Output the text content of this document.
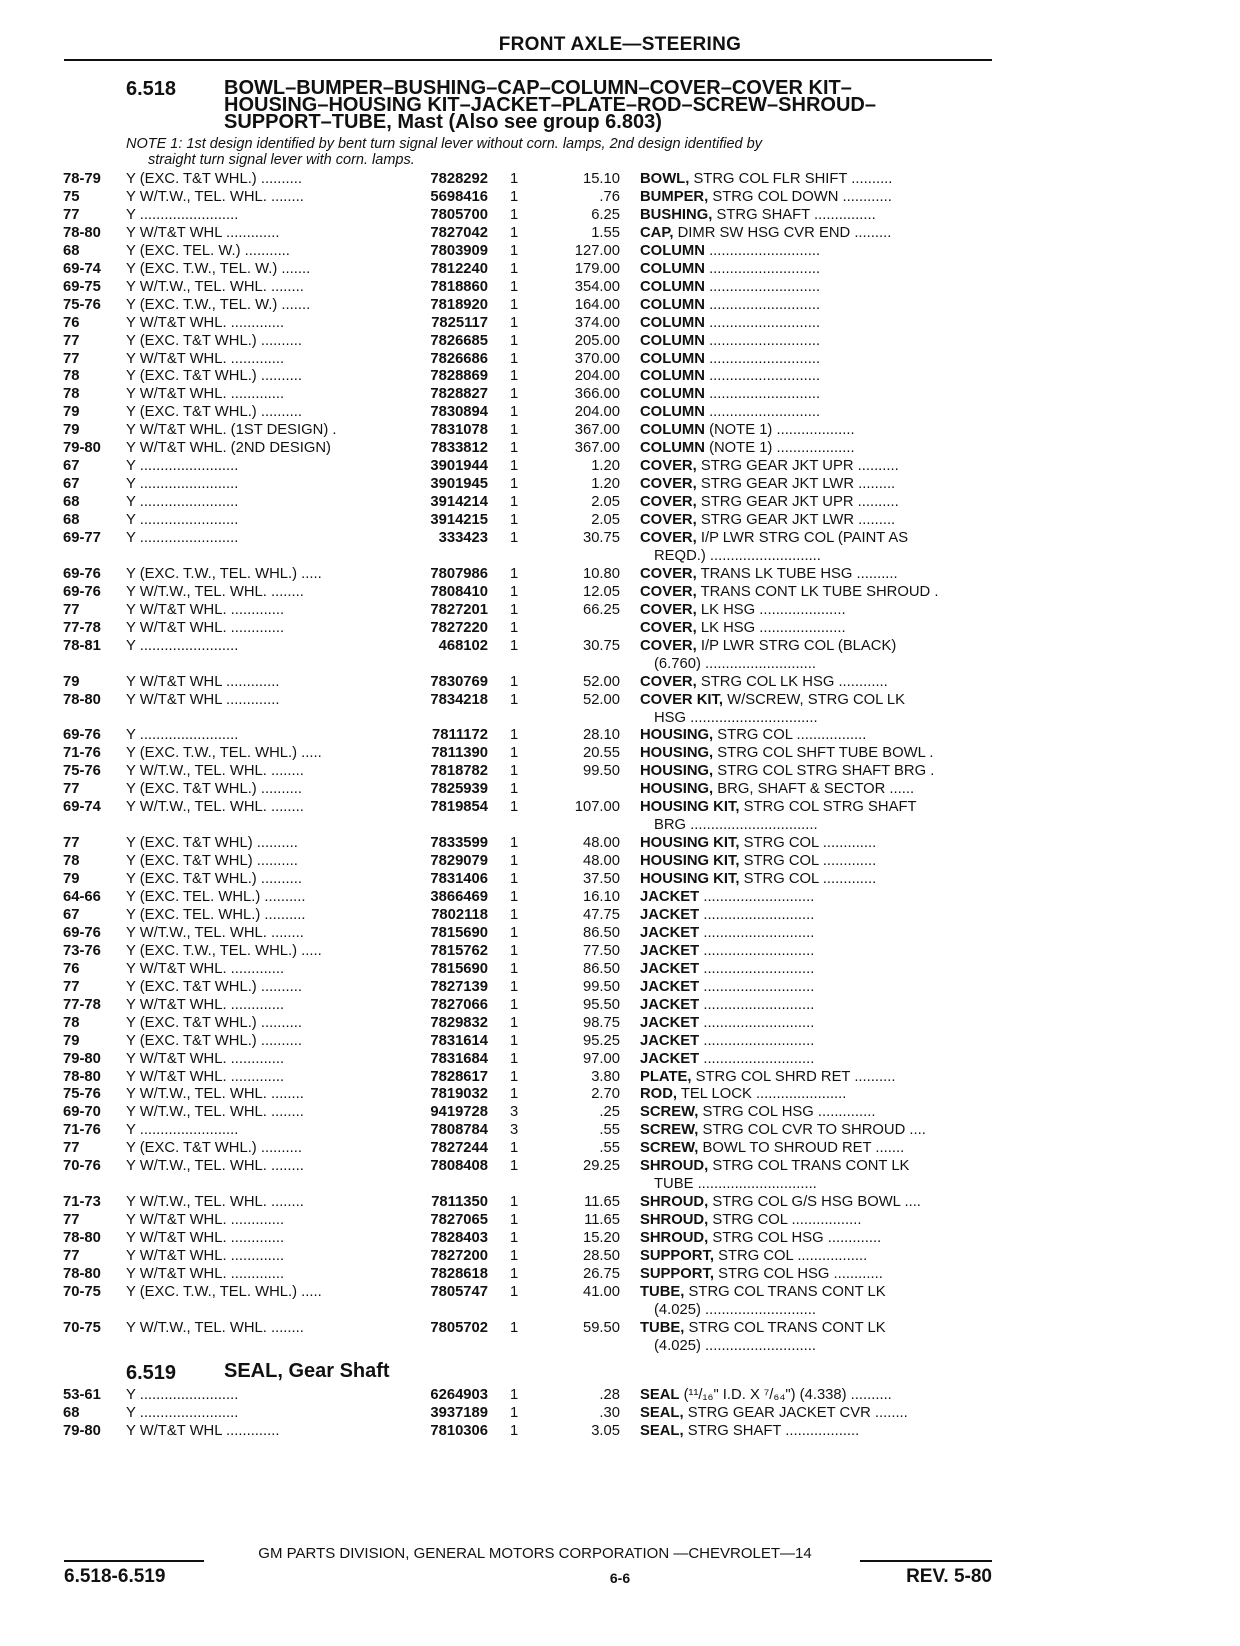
FRONT AXLE—STEERING
6.518 BOWL–BUMPER–BUSHING–CAP–COLUMN–COVER–COVER KIT–
HOUSING–HOUSING KIT–JACKET–PLATE–ROD–SCREW–SHROUD–
SUPPORT–TUBE, Mast (Also see group 6.803)
NOTE 1: 1st design identified by bent turn signal lever without corn. lamps, 2nd design identified by
straight turn signal lever with corn. lamps.
78-79 Y (EXC. T&T WHL.) ..........	7828292 1	15.10 BOWL, STRG COL FLR SHIFT ..........
75	Y W/T.W., TEL. WHL. ........	5698416 1	.76 BUMPER, STRG COL DOWN ............
77	Y ........................	7805700 1	6.25 BUSHING, STRG SHAFT ...............
78-80 Y W/T&T WHL .............	7827042 1	1.55 CAP, DIMR SW HSG CVR END .........
68	Y (EXC. TEL. W.) ...........	7803909 1	127.00 COLUMN ...........................
69-74 Y (EXC. T.W., TEL. W.) .......	7812240 1	179.00 COLUMN ...........................
69-75 Y W/T.W., TEL. WHL. ........	7818860 1	354.00 COLUMN ...........................
75-76 Y (EXC. T.W., TEL. W.) .......	7818920 1	164.00 COLUMN ...........................
76	Y W/T&T WHL. .............	7825117 1	374.00 COLUMN ...........................
77	Y (EXC. T&T WHL.) ..........	7826685 1	205.00 COLUMN ...........................
77	Y W/T&T WHL. .............	7826686 1	370.00 COLUMN ...........................
78	Y (EXC. T&T WHL.) ..........	7828869 1	204.00 COLUMN ...........................
78	Y W/T&T WHL. .............	7828827 1	366.00 COLUMN ...........................
79	Y (EXC. T&T WHL.) ..........	7830894 1	204.00 COLUMN ...........................
79	Y W/T&T WHL. (1ST DESIGN) .	7831078 1	367.00 COLUMN (NOTE 1) ...................
79-80 Y W/T&T WHL. (2ND DESIGN)	7833812 1	367.00 COLUMN (NOTE 1) ...................
67	Y ........................	3901944 1	1.20 COVER, STRG GEAR JKT UPR ..........
67	Y ........................	3901945 1	1.20 COVER, STRG GEAR JKT LWR .........
68	Y ........................	3914214 1	2.05 COVER, STRG GEAR JKT UPR ..........
68	Y ........................	3914215 1	2.05 COVER, STRG GEAR JKT LWR .........
69-77 Y ........................	333423 1	30.75 COVER, I/P LWR STRG COL (PAINT AS
REQD.) ...........................
69-76 Y (EXC. T.W., TEL. WHL.) .....	7807986 1	10.80 COVER, TRANS LK TUBE HSG ..........
69-76 Y W/T.W., TEL. WHL. ........	7808410 1	12.05 COVER, TRANS CONT LK TUBE SHROUD .
77	Y W/T&T WHL. .............	7827201 1	66.25 COVER, LK HSG .....................
77-78 Y W/T&T WHL. .............	7827220 1	COVER, LK HSG .....................
78-81 Y ........................	468102 1	30.75 COVER, I/P LWR STRG COL (BLACK)
(6.760) ...........................
79	Y W/T&T WHL .............	7830769 1	52.00 COVER, STRG COL LK HSG ............
78-80 Y W/T&T WHL .............	7834218 1	52.00 COVER KIT, W/SCREW, STRG COL LK
HSG ...............................
69-76 Y ........................	7811172 1	28.10 HOUSING, STRG COL .................
71-76 Y (EXC. T.W., TEL. WHL.) .....	7811390 1	20.55 HOUSING, STRG COL SHFT TUBE BOWL .
75-76 Y W/T.W., TEL. WHL. ........	7818782 1	99.50 HOUSING, STRG COL STRG SHAFT BRG .
77	Y (EXC. T&T WHL.) ..........	7825939 1	HOUSING, BRG, SHAFT & SECTOR ......
69-74 Y W/T.W., TEL. WHL. ........	7819854 1	107.00 HOUSING KIT, STRG COL STRG SHAFT
BRG ...............................
77	Y (EXC. T&T WHL) ..........	7833599 1	48.00 HOUSING KIT, STRG COL .............
78	Y (EXC. T&T WHL) ..........	7829079 1	48.00 HOUSING KIT, STRG COL .............
79	Y (EXC. T&T WHL.) ..........	7831406 1	37.50 HOUSING KIT, STRG COL .............
64-66 Y (EXC. TEL. WHL.) ..........	3866469 1	16.10 JACKET ...........................
67	Y (EXC. TEL. WHL.) ..........	7802118 1	47.75 JACKET ...........................
69-76 Y W/T.W., TEL. WHL. ........	7815690 1	86.50 JACKET ...........................
73-76 Y (EXC. T.W., TEL. WHL.) .....	7815762 1	77.50 JACKET ...........................
76	Y W/T&T WHL. .............	7815690 1	86.50 JACKET ...........................
77	Y (EXC. T&T WHL.) ..........	7827139 1	99.50 JACKET ...........................
77-78 Y W/T&T WHL. .............	7827066 1	95.50 JACKET ...........................
78	Y (EXC. T&T WHL.) ..........	7829832 1	98.75 JACKET ...........................
79	Y (EXC. T&T WHL.) ..........	7831614 1	95.25 JACKET ...........................
79-80 Y W/T&T WHL. .............	7831684 1	97.00 JACKET ...........................
78-80 Y W/T&T WHL. .............	7828617 1	3.80 PLATE, STRG COL SHRD RET ..........
75-76 Y W/T.W., TEL. WHL. ........	7819032 1	2.70 ROD, TEL LOCK ......................
69-70 Y W/T.W., TEL. WHL. ........	9419728 3	.25 SCREW, STRG COL HSG ..............
71-76 Y ........................	7808784 3	.55 SCREW, STRG COL CVR TO SHROUD ....
77	Y (EXC. T&T WHL.) ..........	7827244 1	.55 SCREW, BOWL TO SHROUD RET .......
70-76 Y W/T.W., TEL. WHL. ........	7808408 1	29.25 SHROUD, STRG COL TRANS CONT LK
TUBE .............................
71-73 Y W/T.W., TEL. WHL. ........	7811350 1	11.65 SHROUD, STRG COL G/S HSG BOWL ....
77	Y W/T&T WHL. .............	7827065 1	11.65 SHROUD, STRG COL .................
78-80 Y W/T&T WHL. .............	7828403 1	15.20 SHROUD, STRG COL HSG .............
77	Y W/T&T WHL. .............	7827200 1	28.50 SUPPORT, STRG COL .................
78-80 Y W/T&T WHL. .............	7828618 1	26.75 SUPPORT, STRG COL HSG ............
70-75 Y (EXC. T.W., TEL. WHL.) .....	7805747 1	41.00 TUBE, STRG COL TRANS CONT LK
(4.025) ...........................
70-75 Y W/T.W., TEL. WHL. ........	7805702 1	59.50 TUBE, STRG COL TRANS CONT LK
(4.025) ...........................
6.519 SEAL, Gear Shaft
53-61 Y ........................	6264903 1	.28 SEAL (¹¹/₁₆" I.D. X ⁷/₆₄") (4.338) ..........
68	Y ........................	3937189 1	.30 SEAL, STRG GEAR JACKET CVR ........
79-80 Y W/T&T WHL .............	7810306 1	3.05 SEAL, STRG SHAFT ..................
GM PARTS DIVISION, GENERAL MOTORS CORPORATION —CHEVROLET—14
6.518-6.519	6-6	REV. 5-80
